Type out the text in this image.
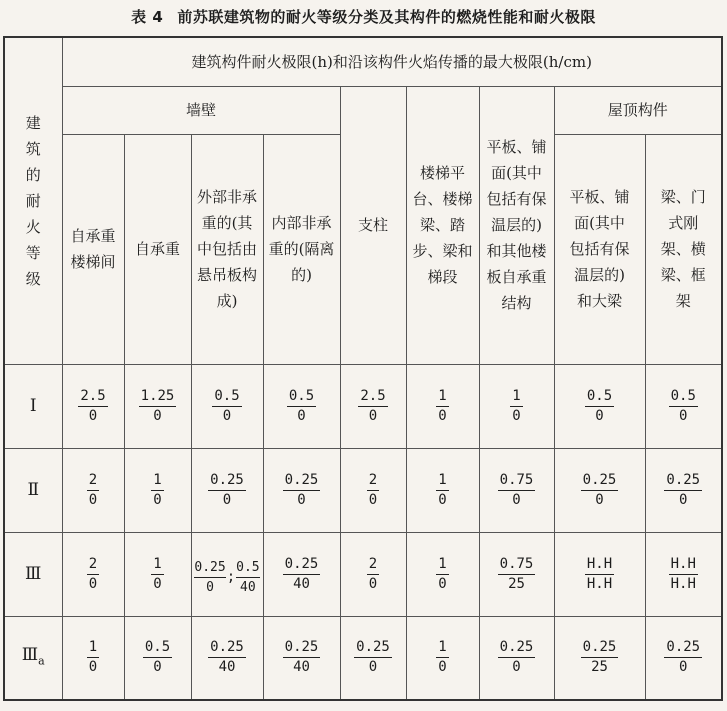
表 4 前苏联建筑物的耐火等级分类及其构件的燃烧性能和耐火极限
建筑的耐火等级	建筑构件耐火极限(h)和沿该构件火焰传播的最大极限(h/cm)								
	墙壁				支柱	楼梯平台、楼梯梁、踏步、梁和梯段	平板、铺面(其中包括有保温层的)和其他楼板自承重结构	屋顶构件	
	自承重楼梯间	自承重	外部非承重的(其中包括由悬吊板构成)	内部非承重的(隔离的)				平板、铺面(其中包括有保温层的)和大梁	梁、门式刚架、横梁、框架
Ⅰ	$\frac{2.5}{0}$	$\frac{1.25}{0}$	$\frac{0.5}{0}$	$\frac{0.5}{0}$	$\frac{2.5}{0}$	$\frac{1}{0}$	$\frac{1}{0}$	$\frac{0.5}{0}$	$\frac{0.5}{0}$

Ⅱ	$\frac{2}{0}$	$\frac{1}{0}$	$\frac{0.25}{0}$	$\frac{0.25}{0}$	$\frac{2}{0}$	$\frac{1}{0}$	$\frac{0.75}{0}$	$\frac{0.25}{0}$	$\frac{0.25}{0}$

Ⅲ	$\frac{2}{0}$	$\frac{1}{0}$	$\frac{0.25}{0}$ ; $\frac{0.5}{40}$	$\frac{0.25}{40}$	$\frac{2}{0}$	$\frac{1}{0}$	$\frac{0.75}{25}$	$\frac{H.H}{H.H}$	$\frac{H.H}{H.H}$

$Ⅲ_a$	$\frac{1}{0}$	$\frac{0.5}{0}$	$\frac{0.25}{40}$	$\frac{0.25}{40}$	$\frac{0.25}{0}$	$\frac{1}{0}$	$\frac{0.25}{0}$	$\frac{0.25}{25}$	$\frac{0.25}{0}$
